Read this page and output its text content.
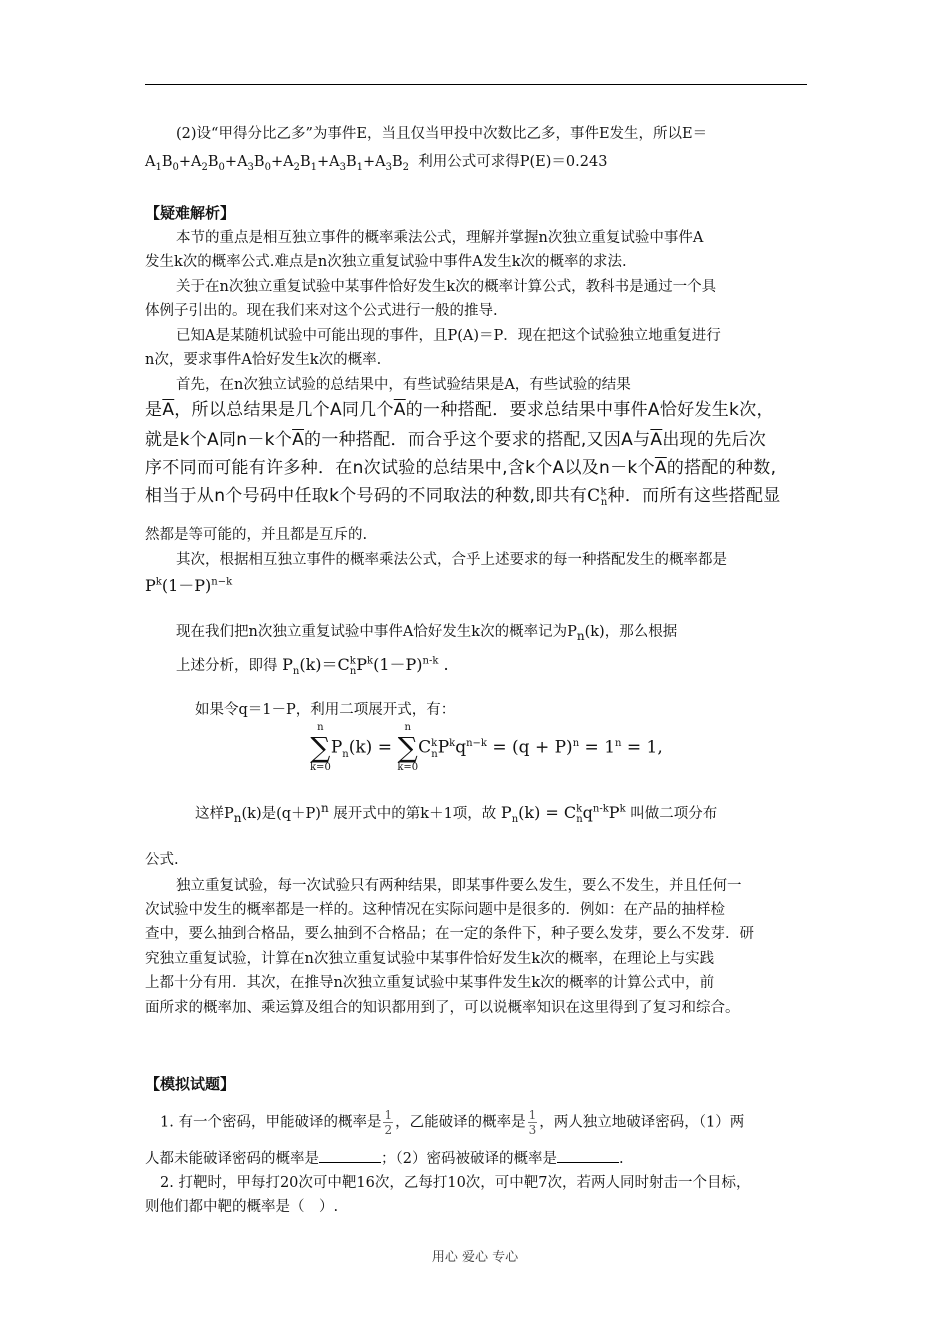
(2)设“甲得分比乙多”为事件E，当且仅当甲投中次数比乙多，事件E发生，所以E＝
$A_1B_0+A_2B_0+A_3B_0+A_2B_1+A_3B_1+A_3B_2$ 利用公式可求得P(E)＝0.243
【疑难解析】
本节的重点是相互独立事件的概率乘法公式，理解并掌握n次独立重复试验中事件A
发生k次的概率公式.难点是n次独立重复试验中事件A发生k次的概率的求法.
关于在n次独立重复试验中某事件恰好发生k次的概率计算公式，教科书是通过一个具
体例子引出的。现在我们来对这个公式进行一般的推导.
已知A是某随机试验中可能出现的事件，且P(A)＝P．现在把这个试验独立地重复进行
n次，要求事件A恰好发生k次的概率.
首先，在n次独立试验的总结果中，有些试验结果是A，有些试验的结果
是$\overline{A}$，所以总结果是几个A同几个$\overline{A}$的一种搭配．要求总结果中事件A恰好发生k次，
就是k个A同n－k个$\overline{A}$的一种搭配．而合乎这个要求的搭配,又因A与$\overline{A}$出现的先后次
序不同而可能有许多种．在n次试验的总结果中,含k个A以及n－k个$\overline{A}$的搭配的种数,
相当于从n个号码中任取k个号码的不同取法的种数,即共有$C^k_n$种．而所有这些搭配显
然都是等可能的，并且都是互斥的.
其次，根据相互独立事件的概率乘法公式，合乎上述要求的每一种搭配发生的概率都是
$P^k(1-P)^{n-k}$
现在我们把n次独立重复试验中事件A恰好发生k次的概率记为$P_n(k)$，那么根据
上述分析，即得 $P_n(k)=C^k_nP^k(1-P)^{n-k}$ .
如果令q＝1－P，利用二项展开式，有：
n
∑
k=0
$P_n(k)$ =
n
∑
k=0
$C^k_nP^kq^{n-k} = (q + P)^n = 1^n = 1$,
这样$P_n(k)$是$(q+P)^n$ 展开式中的第k＋1项，故 $P_n(k) = C^k_nq^{n-k}P^k$ 叫做二项分布
公式.
独立重复试验，每一次试验只有两种结果，即某事件要么发生，要么不发生，并且任何一
次试验中发生的概率都是一样的。这种情况在实际问题中是很多的．例如：在产品的抽样检
查中，要么抽到合格品，要么抽到不合格品；在一定的条件下，种子要么发芽，要么不发芽．研
究独立重复试验，计算在n次独立重复试验中某事件恰好发生k次的概率，在理论上与实践
上都十分有用．其次，在推导n次独立重复试验中某事件发生k次的概率的计算公式中，前
面所求的概率加、乘运算及组合的知识都用到了，可以说概率知识在这里得到了复习和综合。
【模拟试题】
1. 有一个密码，甲能破译的概率是 $\frac{1}{2}$ ，乙能破译的概率是 $\frac{1}{3}$ ，两人独立地破译密码，（1）两
人都未能破译密码的概率是	；（2）密码被破译的概率是	.
2. 打靶时，甲每打20次可中靶16次，乙每打10次，可中靶7次，若两人同时射击一个目标，
则他们都中靶的概率是（　）.
用心 爱心 专心
